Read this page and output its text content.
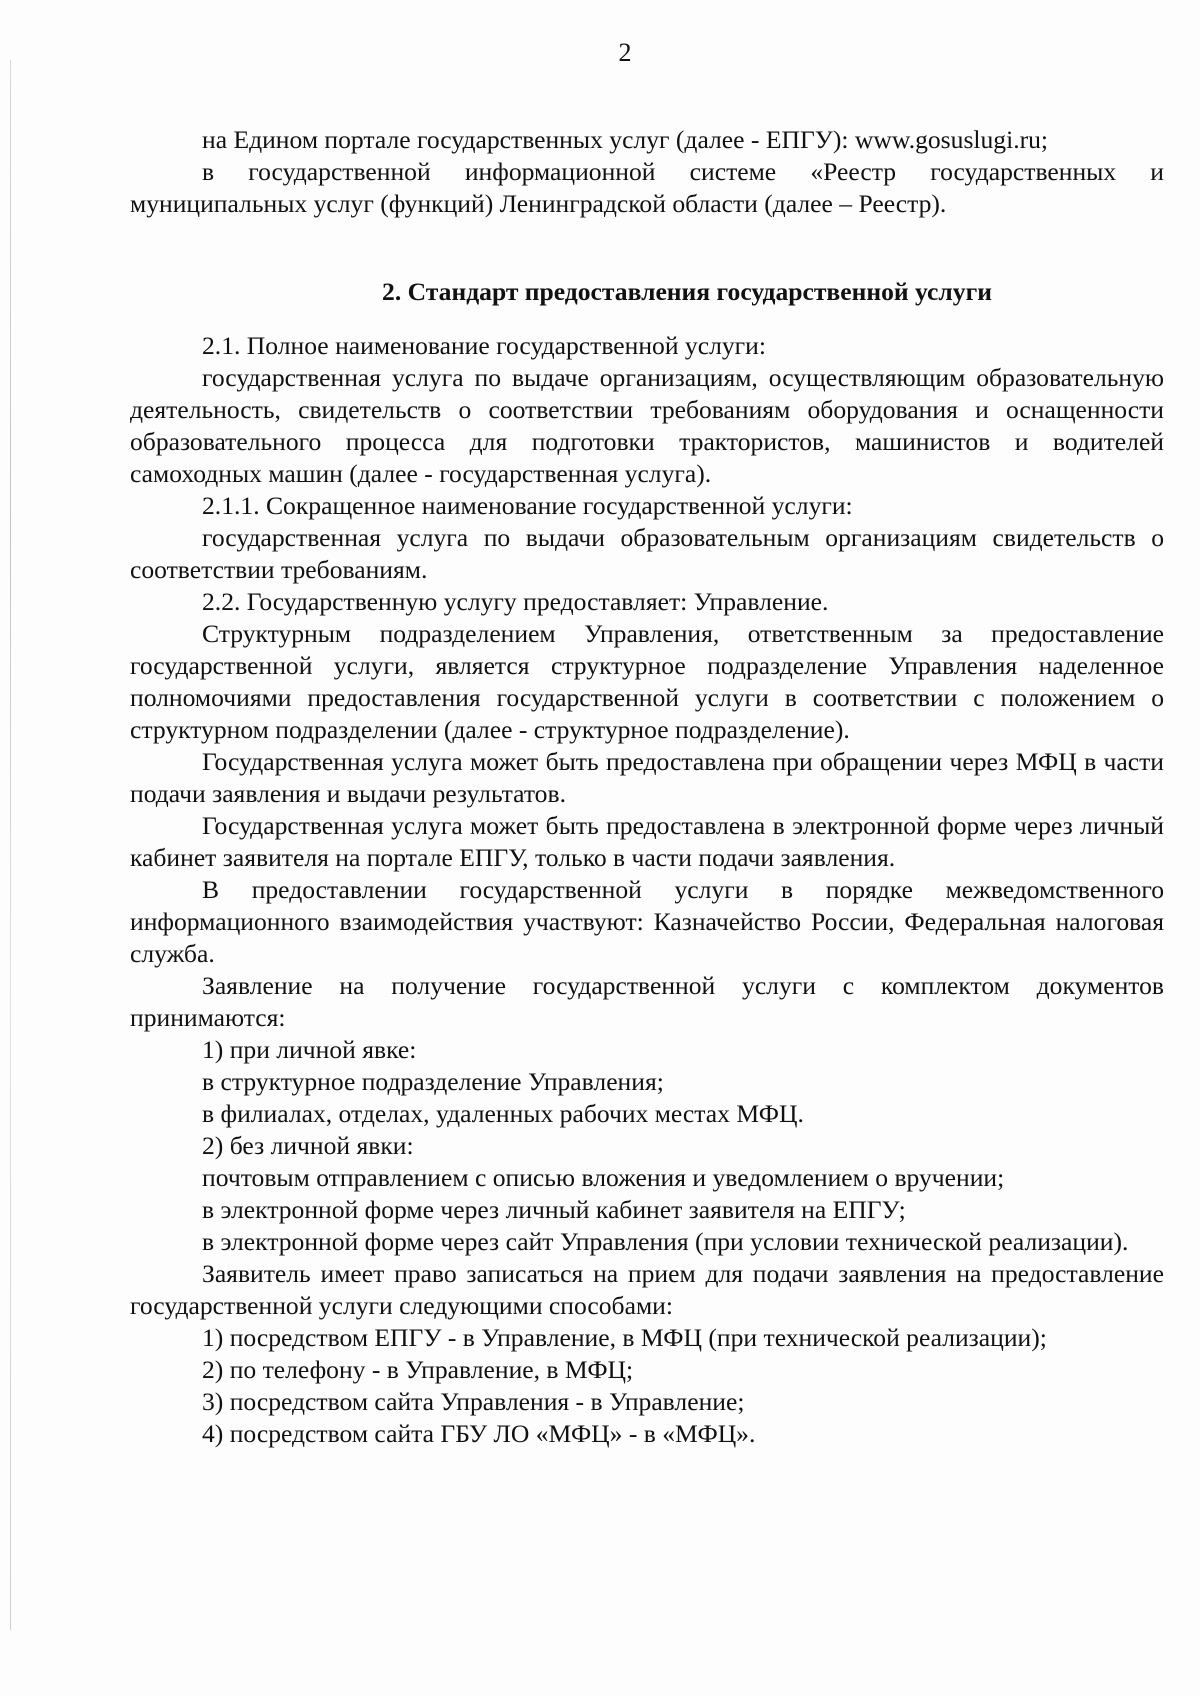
2

на Едином портале государственных услуг (далее - ЕПГУ): www.gosuslugi.ru;

в государственной информационной системе «Реестр государственных и муниципальных услуг (функций) Ленинградской области (далее – Реестр).

2. Стандарт предоставления государственной услуги

2.1. Полное наименование государственной услуги:

государственная услуга по выдаче организациям, осуществляющим образовательную деятельность, свидетельств о соответствии требованиям оборудования и оснащенности образовательного процесса для подготовки трактористов, машинистов и водителей самоходных машин (далее - государственная услуга).

2.1.1. Сокращенное наименование государственной услуги:

государственная услуга по выдачи образовательным организациям свидетельств о соответствии требованиям.

2.2. Государственную услугу предоставляет: Управление.

Структурным подразделением Управления, ответственным за предоставление государственной услуги, является структурное подразделение Управления наделенное полномочиями предоставления государственной услуги в соответствии с положением о структурном подразделении (далее - структурное подразделение).

Государственная услуга может быть предоставлена при обращении через МФЦ в части подачи заявления и выдачи результатов.

Государственная услуга может быть предоставлена в электронной форме через личный кабинет заявителя на портале ЕПГУ, только в части подачи заявления.

В предоставлении государственной услуги в порядке межведомственного информационного взаимодействия участвуют: Казначейство России, Федеральная налоговая служба.

Заявление на получение государственной услуги с комплектом документов принимаются:

1) при личной явке:

в структурное подразделение Управления;

в филиалах, отделах, удаленных рабочих местах МФЦ.

2) без личной явки:

почтовым отправлением с описью вложения и уведомлением о вручении;

в электронной форме через личный кабинет заявителя на ЕПГУ;

в электронной форме через сайт Управления (при условии технической реализации).

Заявитель имеет право записаться на прием для подачи заявления на предоставление государственной услуги следующими способами:

1) посредством ЕПГУ - в Управление, в МФЦ (при технической реализации);

2) по телефону - в Управление, в МФЦ;

3) посредством сайта Управления - в Управление;

4) посредством сайта ГБУ ЛО «МФЦ» - в «МФЦ».
